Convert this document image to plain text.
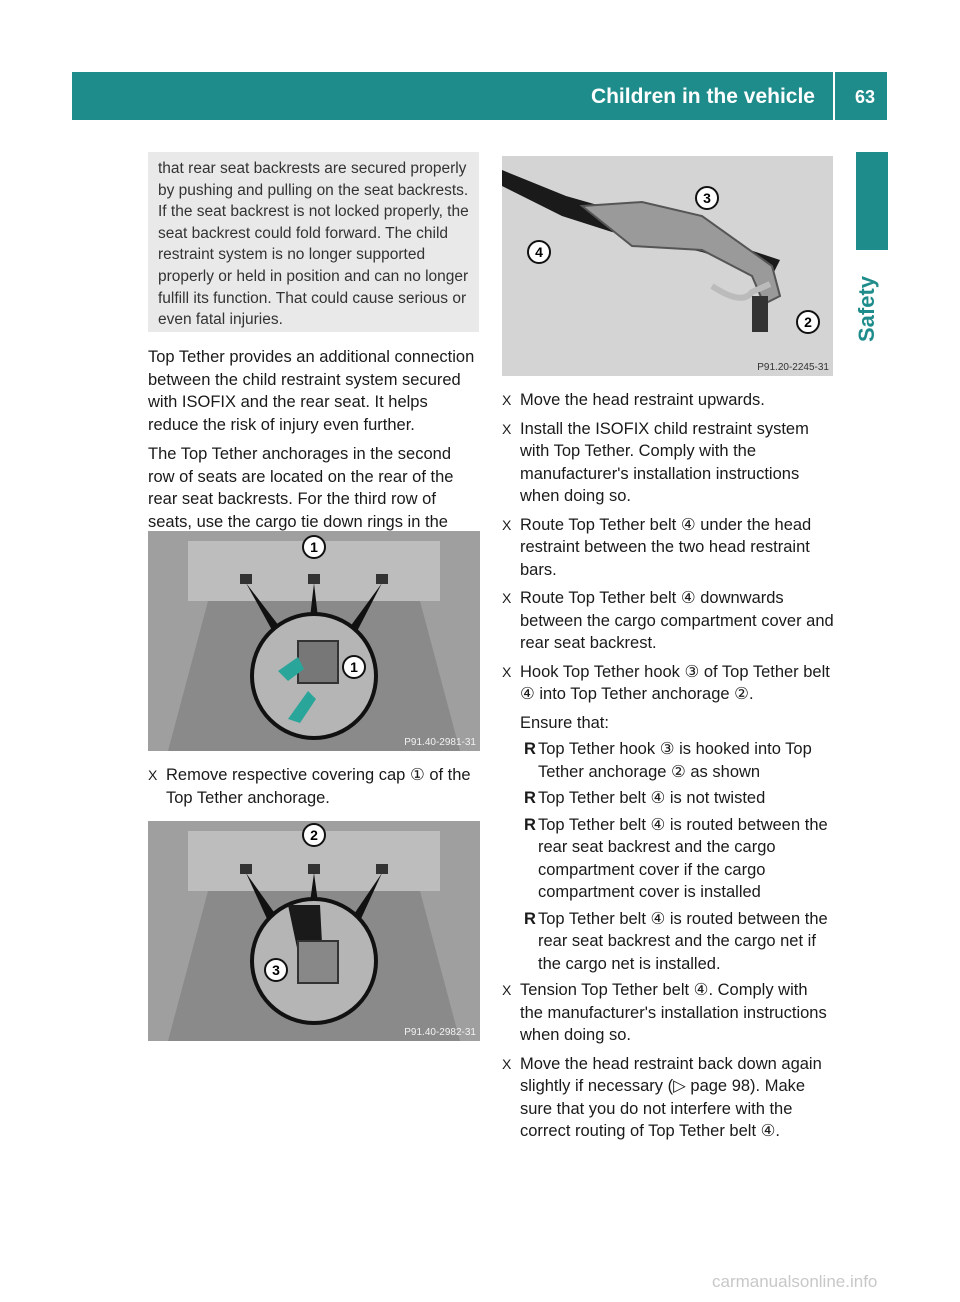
Children in the vehicle	63
Safety
that rear seat backrests are secured properly by pushing and pulling on the seat backrests. If the seat backrest is not locked properly, the seat backrest could fold forward. The child restraint system is no longer supported properly or held in position and can no longer fulfill its function. That could cause serious or even fatal injuries.

Top Tether provides an additional connection between the child restraint system secured with ISOFIX and the rear seat. It helps reduce the risk of injury even further.

The Top Tether anchorages in the second row of seats are located on the rear of the rear seat backrests. For the third row of seats, use the cargo tie down rings in the

1
1
P91.40-2981-31
X Remove respective covering cap ① of the Top Tether anchorage.
2
3
P91.40-2982-31
3
4
2
P91.20-2245-31
X Move the head restraint upwards.
X Install the ISOFIX child restraint system with Top Tether. Comply with the manufacturer's installation instructions when doing so.
X Route Top Tether belt ④ under the head restraint between the two head restraint bars.
X Route Top Tether belt ④ downwards between the cargo compartment cover and rear seat backrest.
X Hook Top Tether hook ③ of Top Tether belt ④ into Top Tether anchorage ②.
Ensure that:
R Top Tether hook ③ is hooked into Top Tether anchorage ② as shown
R Top Tether belt ④ is not twisted
R Top Tether belt ④ is routed between the rear seat backrest and the cargo compartment cover if the cargo compartment cover is installed
R Top Tether belt ④ is routed between the rear seat backrest and the cargo net if the cargo net is installed.
X Tension Top Tether belt ④. Comply with the manufacturer's installation instructions when doing so.
X Move the head restraint back down again slightly if necessary (▷ page 98). Make sure that you do not interfere with the correct routing of Top Tether belt ④.
carmanualsonline.info
